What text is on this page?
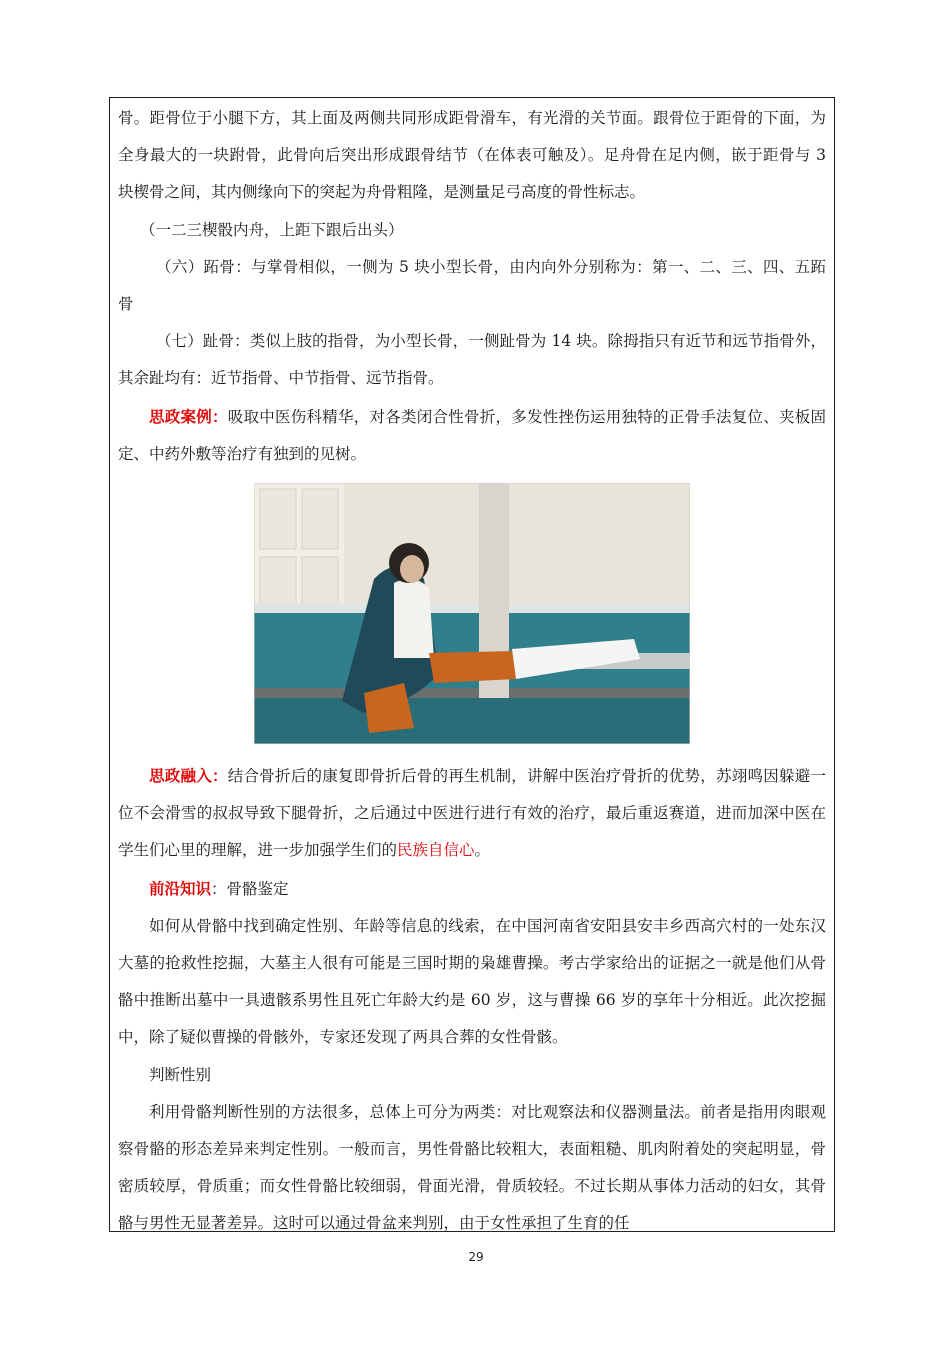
骨。距骨位于小腿下方，其上面及两侧共同形成距骨滑车，有光滑的关节面。跟骨位于距骨的下面，为全身最大的一块跗骨，此骨向后突出形成跟骨结节（在体表可触及）。足舟骨在足内侧，嵌于距骨与 3 块楔骨之间，其内侧缘向下的突起为舟骨粗隆，是测量足弓高度的骨性标志。

（一二三楔骰内舟，上距下跟后出头）

（六）跖骨：与掌骨相似，一侧为 5 块小型长骨，由内向外分别称为：第一、二、三、四、五跖骨

（七）趾骨：类似上肢的指骨，为小型长骨，一侧趾骨为 14 块。除拇指只有近节和远节指骨外，其余趾均有：近节指骨、中节指骨、远节指骨。

思政案例：吸取中医伤科精华，对各类闭合性骨折，多发性挫伤运用独特的正骨手法复位、夹板固定、中药外敷等治疗有独到的见树。

思政融入：结合骨折后的康复即骨折后骨的再生机制，讲解中医治疗骨折的优势，苏翊鸣因躲避一位不会滑雪的叔叔导致下腿骨折，之后通过中医进行进行有效的治疗，最后重返赛道，进而加深中医在学生们心里的理解，进一步加强学生们的民族自信心。

前沿知识：骨骼鉴定

如何从骨骼中找到确定性别、年龄等信息的线索，在中国河南省安阳县安丰乡西高穴村的一处东汉大墓的抢救性挖掘，大墓主人很有可能是三国时期的枭雄曹操。考古学家给出的证据之一就是他们从骨骼中推断出墓中一具遗骸系男性且死亡年龄大约是 60 岁，这与曹操 66 岁的享年十分相近。此次挖掘中，除了疑似曹操的骨骸外，专家还发现了两具合葬的女性骨骸。

判断性别

利用骨骼判断性别的方法很多，总体上可分为两类：对比观察法和仪器测量法。前者是指用肉眼观察骨骼的形态差异来判定性别。一般而言，男性骨骼比较粗大，表面粗糙、肌肉附着处的突起明显，骨密质较厚，骨质重；而女性骨骼比较细弱，骨面光滑，骨质较轻。不过长期从事体力活动的妇女，其骨骼与男性无显著差异。这时可以通过骨盆来判别，由于女性承担了生育的任

29
